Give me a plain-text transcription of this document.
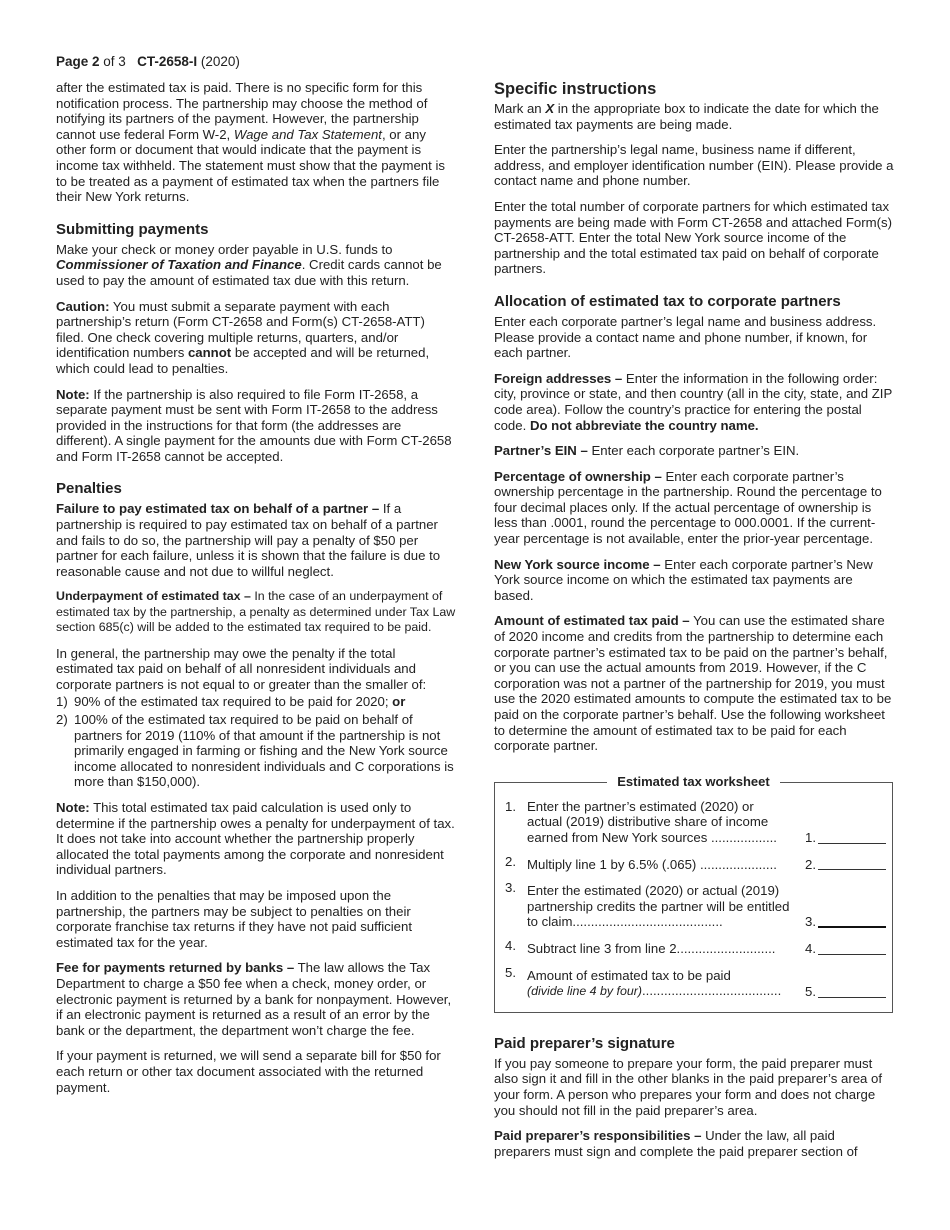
Page 2 of 3 CT-2658-I (2020)

after the estimated tax is paid. There is no specific form for this notification process. The partnership may choose the method of notifying its partners of the payment. However, the partnership cannot use federal Form W-2, Wage and Tax Statement, or any other form or document that would indicate that the payment is income tax withheld. The statement must show that the payment is to be treated as a payment of estimated tax when the partners file their New York returns.

Submitting payments

Make your check or money order payable in U.S. funds to Commissioner of Taxation and Finance. Credit cards cannot be used to pay the amount of estimated tax due with this return.

Caution: You must submit a separate payment with each partnership’s return (Form CT-2658 and Form(s) CT-2658-ATT) filed. One check covering multiple returns, quarters, and/or identification numbers cannot be accepted and will be returned, which could lead to penalties.

Note: If the partnership is also required to file Form IT-2658, a separate payment must be sent with Form IT-2658 to the address provided in the instructions for that form (the addresses are different). A single payment for the amounts due with Form CT-2658 and Form IT-2658 cannot be accepted.

Penalties

Failure to pay estimated tax on behalf of a partner – If a partnership is required to pay estimated tax on behalf of a partner and fails to do so, the partnership will pay a penalty of $50 per partner for each failure, unless it is shown that the failure is due to reasonable cause and not due to willful neglect.

Underpayment of estimated tax – In the case of an underpayment of estimated tax by the partnership, a penalty as determined under Tax Law section 685(c) will be added to the estimated tax required to be paid.

In general, the partnership may owe the penalty if the total estimated tax paid on behalf of all nonresident individuals and corporate partners is not equal to or greater than the smaller of:

1) 90% of the estimated tax required to be paid for 2020; or
2) 100% of the estimated tax required to be paid on behalf of partners for 2019 (110% of that amount if the partnership is not primarily engaged in farming or fishing and the New York source income allocated to nonresident individuals and C corporations is more than $150,000).

Note: This total estimated tax paid calculation is used only to determine if the partnership owes a penalty for underpayment of tax. It does not take into account whether the partnership properly allocated the total payments among the corporate and nonresident individual partners.

In addition to the penalties that may be imposed upon the partnership, the partners may be subject to penalties on their corporate franchise tax returns if they have not paid sufficient estimated tax for the year.

Fee for payments returned by banks – The law allows the Tax Department to charge a $50 fee when a check, money order, or electronic payment is returned by a bank for nonpayment. However, if an electronic payment is returned as a result of an error by the bank or the department, the department won’t charge the fee.

If your payment is returned, we will send a separate bill for $50 for each return or other tax document associated with the returned payment.

Specific instructions

Mark an X in the appropriate box to indicate the date for which the estimated tax payments are being made.

Enter the partnership’s legal name, business name if different, address, and employer identification number (EIN). Please provide a contact name and phone number.

Enter the total number of corporate partners for which estimated tax payments are being made with Form CT-2658 and attached Form(s) CT-2658-ATT. Enter the total New York source income of the partnership and the total estimated tax paid on behalf of corporate partners.

Allocation of estimated tax to corporate partners

Enter each corporate partner’s legal name and business address. Please provide a contact name and phone number, if known, for each partner.

Foreign addresses – Enter the information in the following order: city, province or state, and then country (all in the city, state, and ZIP code area). Follow the country’s practice for entering the postal code. Do not abbreviate the country name.

Partner’s EIN – Enter each corporate partner’s EIN.

Percentage of ownership – Enter each corporate partner’s ownership percentage in the partnership. Round the percentage to four decimal places only. If the actual percentage of ownership is less than .0001, round the percentage to 000.0001. If the current-year percentage is not available, enter the prior-year percentage.

New York source income – Enter each corporate partner’s New York source income on which the estimated tax payments are based.

Amount of estimated tax paid – You can use the estimated share of 2020 income and credits from the partnership to determine each corporate partner’s estimated tax to be paid on the partner’s behalf, or you can use the actual amounts from 2019. However, if the C corporation was not a partner of the partnership for 2019, you must use the 2020 estimated amounts to compute the estimated tax to be paid on the corporate partner’s behalf. Use the following worksheet to determine the amount of estimated tax to be paid for each corporate partner.

Estimated tax worksheet
1. Enter the partner’s estimated (2020) or actual (2019) distributive share of income earned from New York sources .................. 1.
2. Multiply line 1 by 6.5% (.065) ..................... 2.
3. Enter the estimated (2020) or actual (2019) partnership credits the partner will be entitled to claim.........................................	3.
4. Subtract line 3 from line 2........................... 4.
5. Amount of estimated tax to be paid
(divide line 4 by four)...................................... 5.
Paid preparer’s signature

If you pay someone to prepare your form, the paid preparer must also sign it and fill in the other blanks in the paid preparer’s area of your form. A person who prepares your form and does not charge you should not fill in the paid preparer’s area.

Paid preparer’s responsibilities – Under the law, all paid preparers must sign and complete the paid preparer section of
